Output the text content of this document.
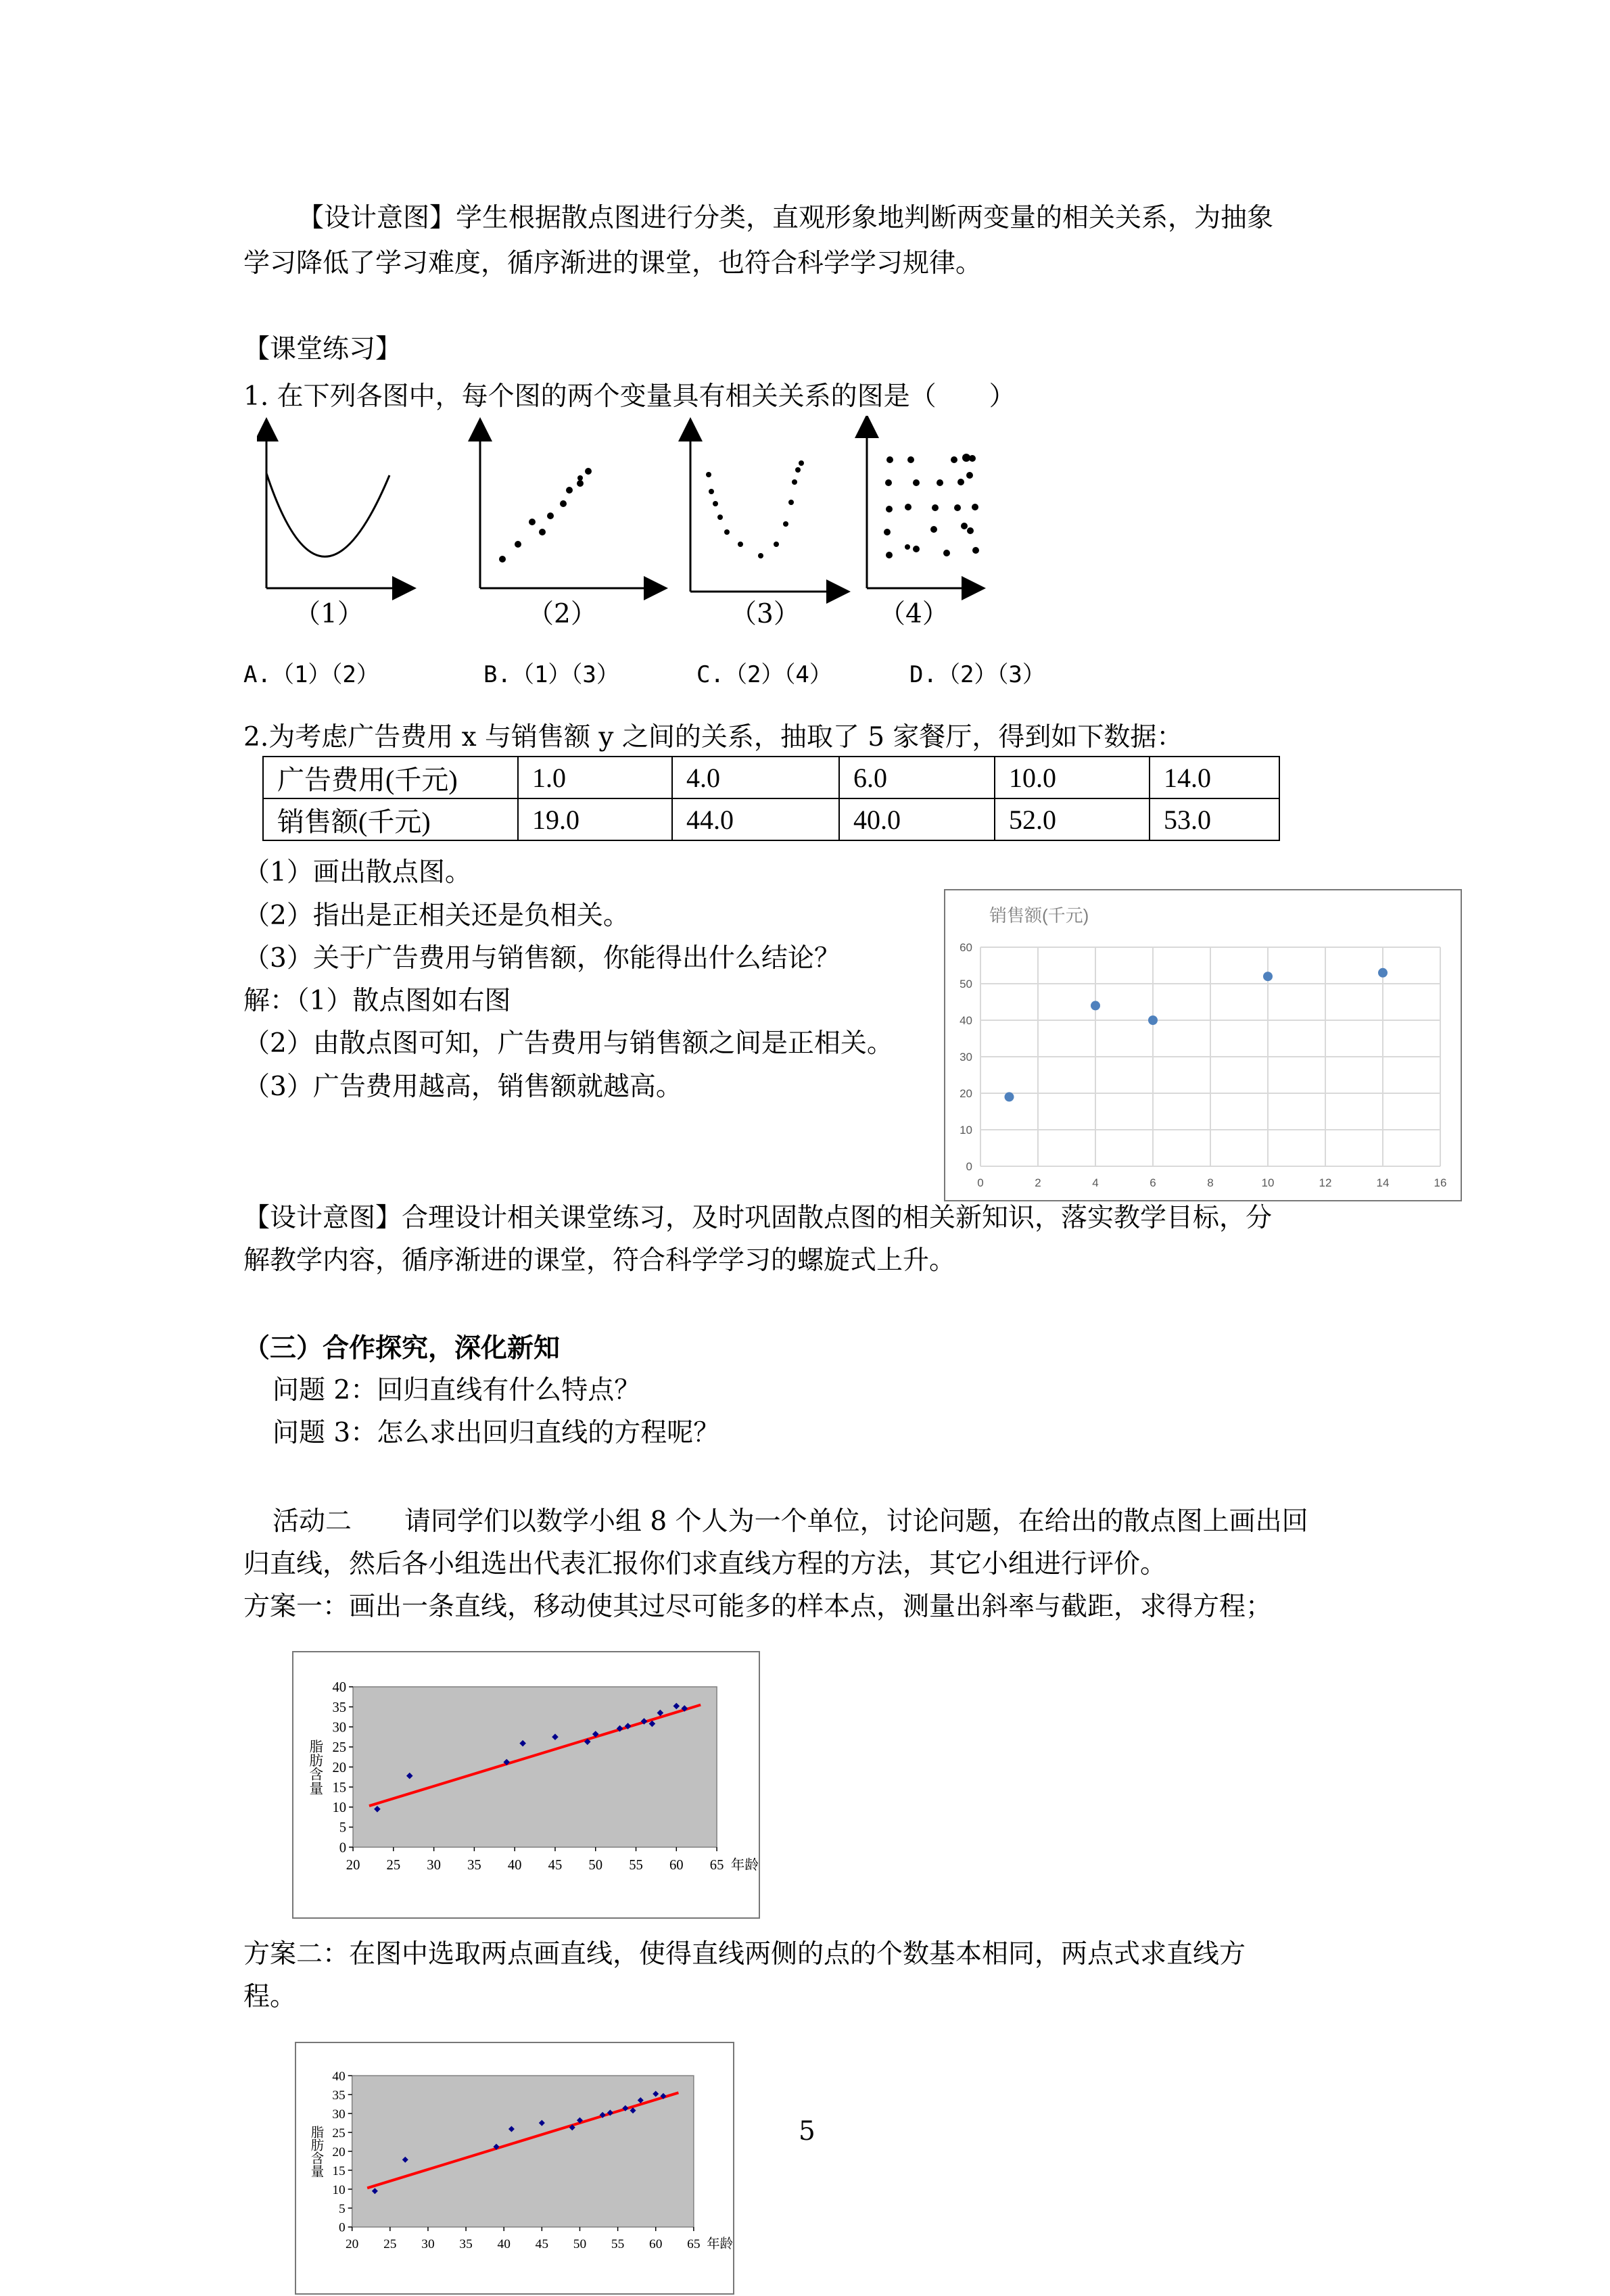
【设计意图】学生根据散点图进行分类，直观形象地判断两变量的相关关系，为抽象
学习降低了学习难度，循序渐进的课堂，也符合科学学习规律。
【课堂练习】
1. 在下列各图中，每个图的两个变量具有相关关系的图是（　　）
（1）	（2）	（3）	（4）
A.（1）（2）	B.（1）（3）	C.（2）（4）	D.（2）（3）
2.为考虑广告费用 x 与销售额 y 之间的关系，抽取了 5 家餐厅，得到如下数据：
广告费用(千元)	1.0	4.0	6.0	10.0	14.0
销售额(千元)	19.0	44.0	40.0	52.0	53.0
（1）画出散点图。
（2）指出是正相关还是负相关。
（3）关于广告费用与销售额，你能得出什么结论？
解：（1）散点图如右图
（2）由散点图可知，广告费用与销售额之间是正相关。
（3）广告费用越高，销售额就越高。
销售额(千元)
0	2	4	6	8	10	12	14	16
0
10
20
30
40
50
60
【设计意图】合理设计相关课堂练习，及时巩固散点图的相关新知识，落实教学目标，分
解教学内容，循序渐进的课堂，符合科学学习的螺旋式上升。
（三）合作探究，深化新知
问题 2：回归直线有什么特点？
问题 3：怎么求出回归直线的方程呢？
活动二　　请同学们以数学小组 8 个人为一个单位，讨论问题，在给出的散点图上画出回
归直线，然后各小组选出代表汇报你们求直线方程的方法，其它小组进行评价。
方案一：画出一条直线，移动使其过尽可能多的样本点，测量出斜率与截距，求得方程；
0
5
10
15
20
25
30
35
40
20 25 30 35 40 45 50 55 60 65 年龄
脂肪含量
方案二：在图中选取两点画直线，使得直线两侧的点的个数基本相同，两点式求直线方
程。
0
5
10
15
20
25
30
35
40
20 25 30 35 40 45 50 55 60 65 年龄
脂肪含量	5
